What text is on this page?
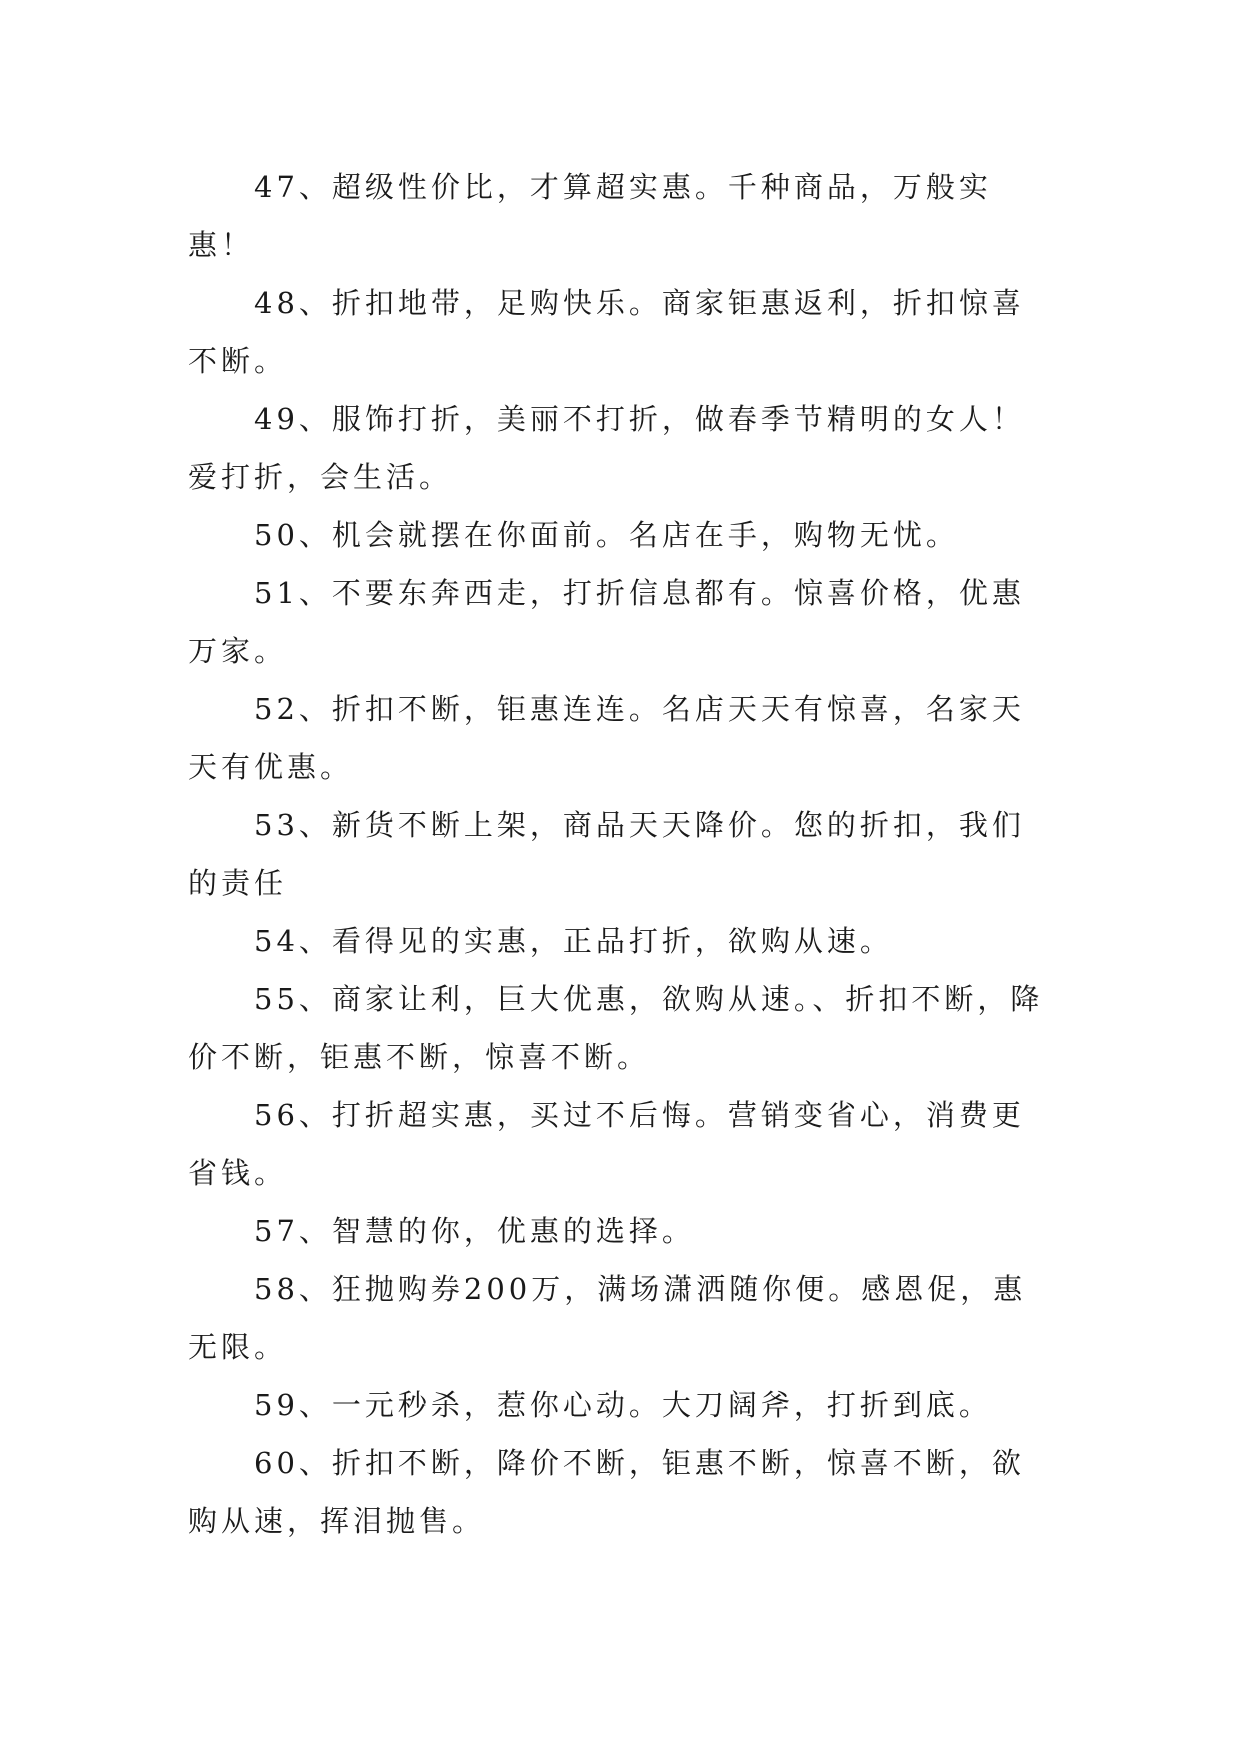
47、超级性价比，才算超实惠。千种商品，万般实惠！

48、折扣地带，足购快乐。商家钜惠返利，折扣惊喜不断。

49、服饰打折，美丽不打折，做春季节精明的女人！爱打折，会生活。

50、机会就摆在你面前。名店在手，购物无忧。

51、不要东奔西走，打折信息都有。惊喜价格，优惠万家。

52、折扣不断，钜惠连连。名店天天有惊喜，名家天天有优惠。

53、新货不断上架，商品天天降价。您的折扣，我们的责任

54、看得见的实惠，正品打折，欲购从速。

55、商家让利，巨大优惠，欲购从速。、折扣不断，降价不断，钜惠不断，惊喜不断。

56、打折超实惠，买过不后悔。营销变省心，消费更省钱。

57、智慧的你，优惠的选择。

58、狂抛购券200万，满场潇洒随你便。感恩促，惠无限。

59、一元秒杀，惹你心动。大刀阔斧，打折到底。

60、折扣不断，降价不断，钜惠不断，惊喜不断，欲购从速，挥泪抛售。
